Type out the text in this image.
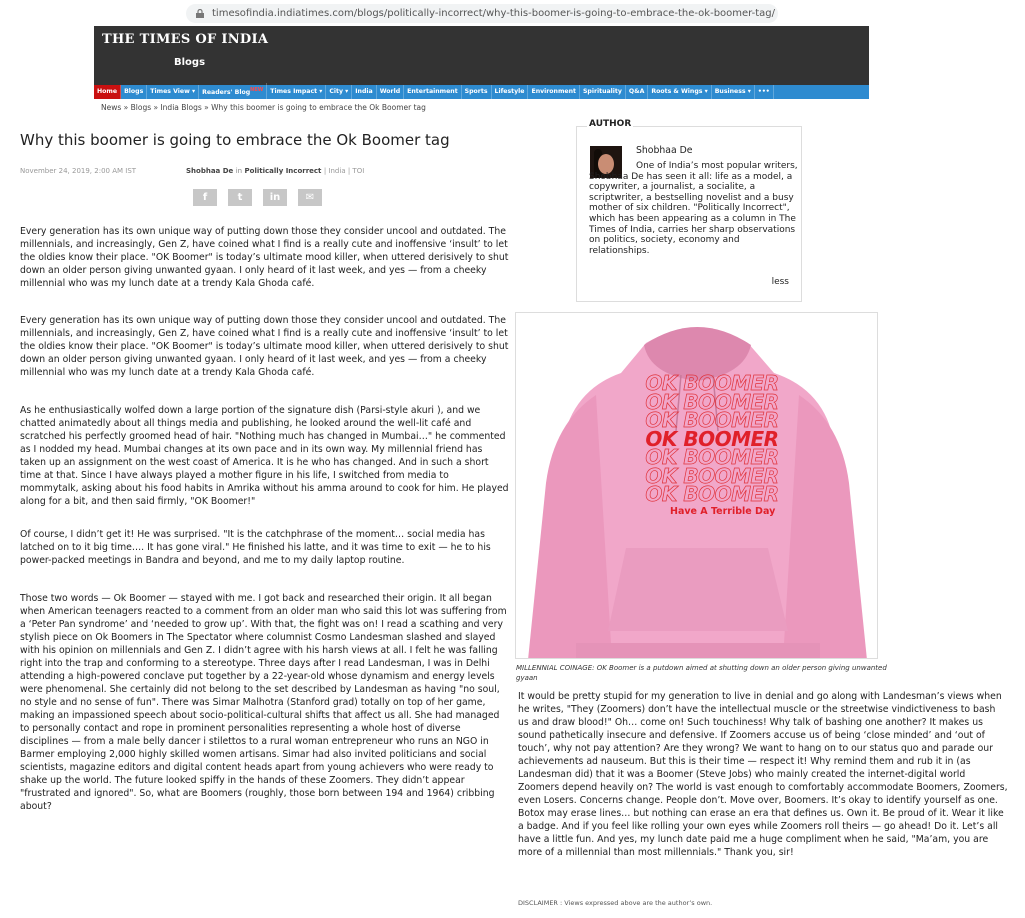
timesofindia.indiatimes.com/blogs/politically-incorrect/why-this-boomer-is-going-to-embrace-the-ok-boomer-tag/
THE TIMES OF INDIA
Blogs
Home	Blogs	Times View ▾	Readers' Blog$^{NEW}$	Times Impact ▾	City ▾	India	World	Entertainment	Sports	Lifestyle	Environment	Spirituality	Q&A	Roots & Wings ▾	Business ▾	•••
News » Blogs » India Blogs » Why this boomer is going to embrace the Ok Boomer tag
Why this boomer is going to embrace the Ok Boomer tag
November 24, 2019, 2:00 AM IST	Shobhaa De in Politically Incorrect | India | TOI
f	t	in	✉

Every generation has its own unique way of putting down those they consider uncool and outdated. The millennials, and increasingly, Gen Z, have coined what I find is a really cute and inoffensive ‘insult’ to let the oldies know their place. "OK Boomer" is today’s ultimate mood killer, when uttered derisively to shut down an older person giving unwanted gyaan. I only heard of it last week, and yes — from a cheeky millennial who was my lunch date at a trendy Kala Ghoda café.

Every generation has its own unique way of putting down those they consider uncool and outdated. The millennials, and increasingly, Gen Z, have coined what I find is a really cute and inoffensive ‘insult’ to let the oldies know their place. "OK Boomer" is today’s ultimate mood killer, when uttered derisively to shut down an older person giving unwanted gyaan. I only heard of it last week, and yes — from a cheeky millennial who was my lunch date at a trendy Kala Ghoda café.

As he enthusiastically wolfed down a large portion of the signature dish (Parsi-style akuri ), and we chatted animatedly about all things media and publishing, he looked around the well-lit café and scratched his perfectly groomed head of hair. "Nothing much has changed in Mumbai…" he commented as I nodded my head. Mumbai changes at its own pace and in its own way. My millennial friend has taken up an assignment on the west coast of America. It is he who has changed. And in such a short time at that. Since I have always played a mother figure in his life, I switched from media to mommytalk, asking about his food habits in Amrika without his amma around to cook for him. He played along for a bit, and then said firmly, "OK Boomer!"

Of course, I didn’t get it! He was surprised. "It is the catchphrase of the moment… social media has latched on to it big time…. It has gone viral." He finished his latte, and it was time to exit — he to his power-packed meetings in Bandra and beyond, and me to my daily laptop routine.

Those two words — Ok Boomer — stayed with me. I got back and researched their origin. It all began when American teenagers reacted to a comment from an older man who said this lot was suffering from a ‘Peter Pan syndrome’ and ‘needed to grow up’. With that, the fight was on! I read a scathing and very stylish piece on Ok Boomers in The Spectator where columnist Cosmo Landesman slashed and slayed with his opinion on millennials and Gen Z. I didn’t agree with his harsh views at all. I felt he was falling right into the trap and conforming to a stereotype. Three days after I read Landesman, I was in Delhi attending a high-powered conclave put together by a 22-year-old whose dynamism and energy levels were phenomenal. She certainly did not belong to the set described by Landesman as having "no soul, no style and no sense of fun". There was Simar Malhotra (Stanford grad) totally on top of her game, making an impassioned speech about socio-political-cultural shifts that affect us all. She had managed to personally contact and rope in prominent personalities representing a whole host of diverse disciplines — from a male belly dancer i stilettos to a rural woman entrepreneur who runs an NGO in Barmer employing 2,000 highly skilled women artisans. Simar had also invited politicians and social scientists, magazine editors and digital content heads apart from young achievers who were ready to shake up the world. The future looked spiffy in the hands of these Zoomers. They didn’t appear "frustrated and ignored". So, what are Boomers (roughly, those born between 194 and 1964) cribbing about?

AUTHOR
Shobhaa De
One of India’s most popular writers, Shobhaa De has seen it all: life as a model, a copywriter, a journalist, a socialite, a scriptwriter, a bestselling novelist and a busy mother of six children. "Politically Incorrect", which has been appearing as a column in The Times of India, carries her sharp observations on politics, society, economy and relationships.
less
OK BOOMER
OK BOOMER
OK BOOMER
OK BOOMER
OK BOOMER
OK BOOMER
OK BOOMER
Have A Terrible Day
MILLENNIAL COINAGE: OK Boomer is a putdown aimed at shutting down an older person giving unwanted gyaan

It would be pretty stupid for my generation to live in denial and go along with Landesman’s views when he writes, "They (Zoomers) don’t have the intellectual muscle or the streetwise vindictiveness to bash us and draw blood!" Oh… come on! Such touchiness! Why talk of bashing one another? It makes us sound pathetically insecure and defensive. If Zoomers accuse us of being ‘close minded’ and ‘out of touch’, why not pay attention? Are they wrong? We want to hang on to our status quo and parade our achievements ad nauseum. But this is their time — respect it! Why remind them and rub it in (as Landesman did) that it was a Boomer (Steve Jobs) who mainly created the internet-digital world Zoomers depend heavily on? The world is vast enough to comfortably accommodate Boomers, Zoomers, even Losers. Concerns change. People don’t. Move over, Boomers. It’s okay to identify yourself as one. Botox may erase lines… but nothing can erase an era that defines us. Own it. Be proud of it. Wear it like a badge. And if you feel like rolling your own eyes while Zoomers roll theirs — go ahead! Do it. Let’s all have a little fun. And yes, my lunch date paid me a huge compliment when he said, "Ma’am, you are more of a millennial than most millennials." Thank you, sir!

DISCLAIMER : Views expressed above are the author’s own.
